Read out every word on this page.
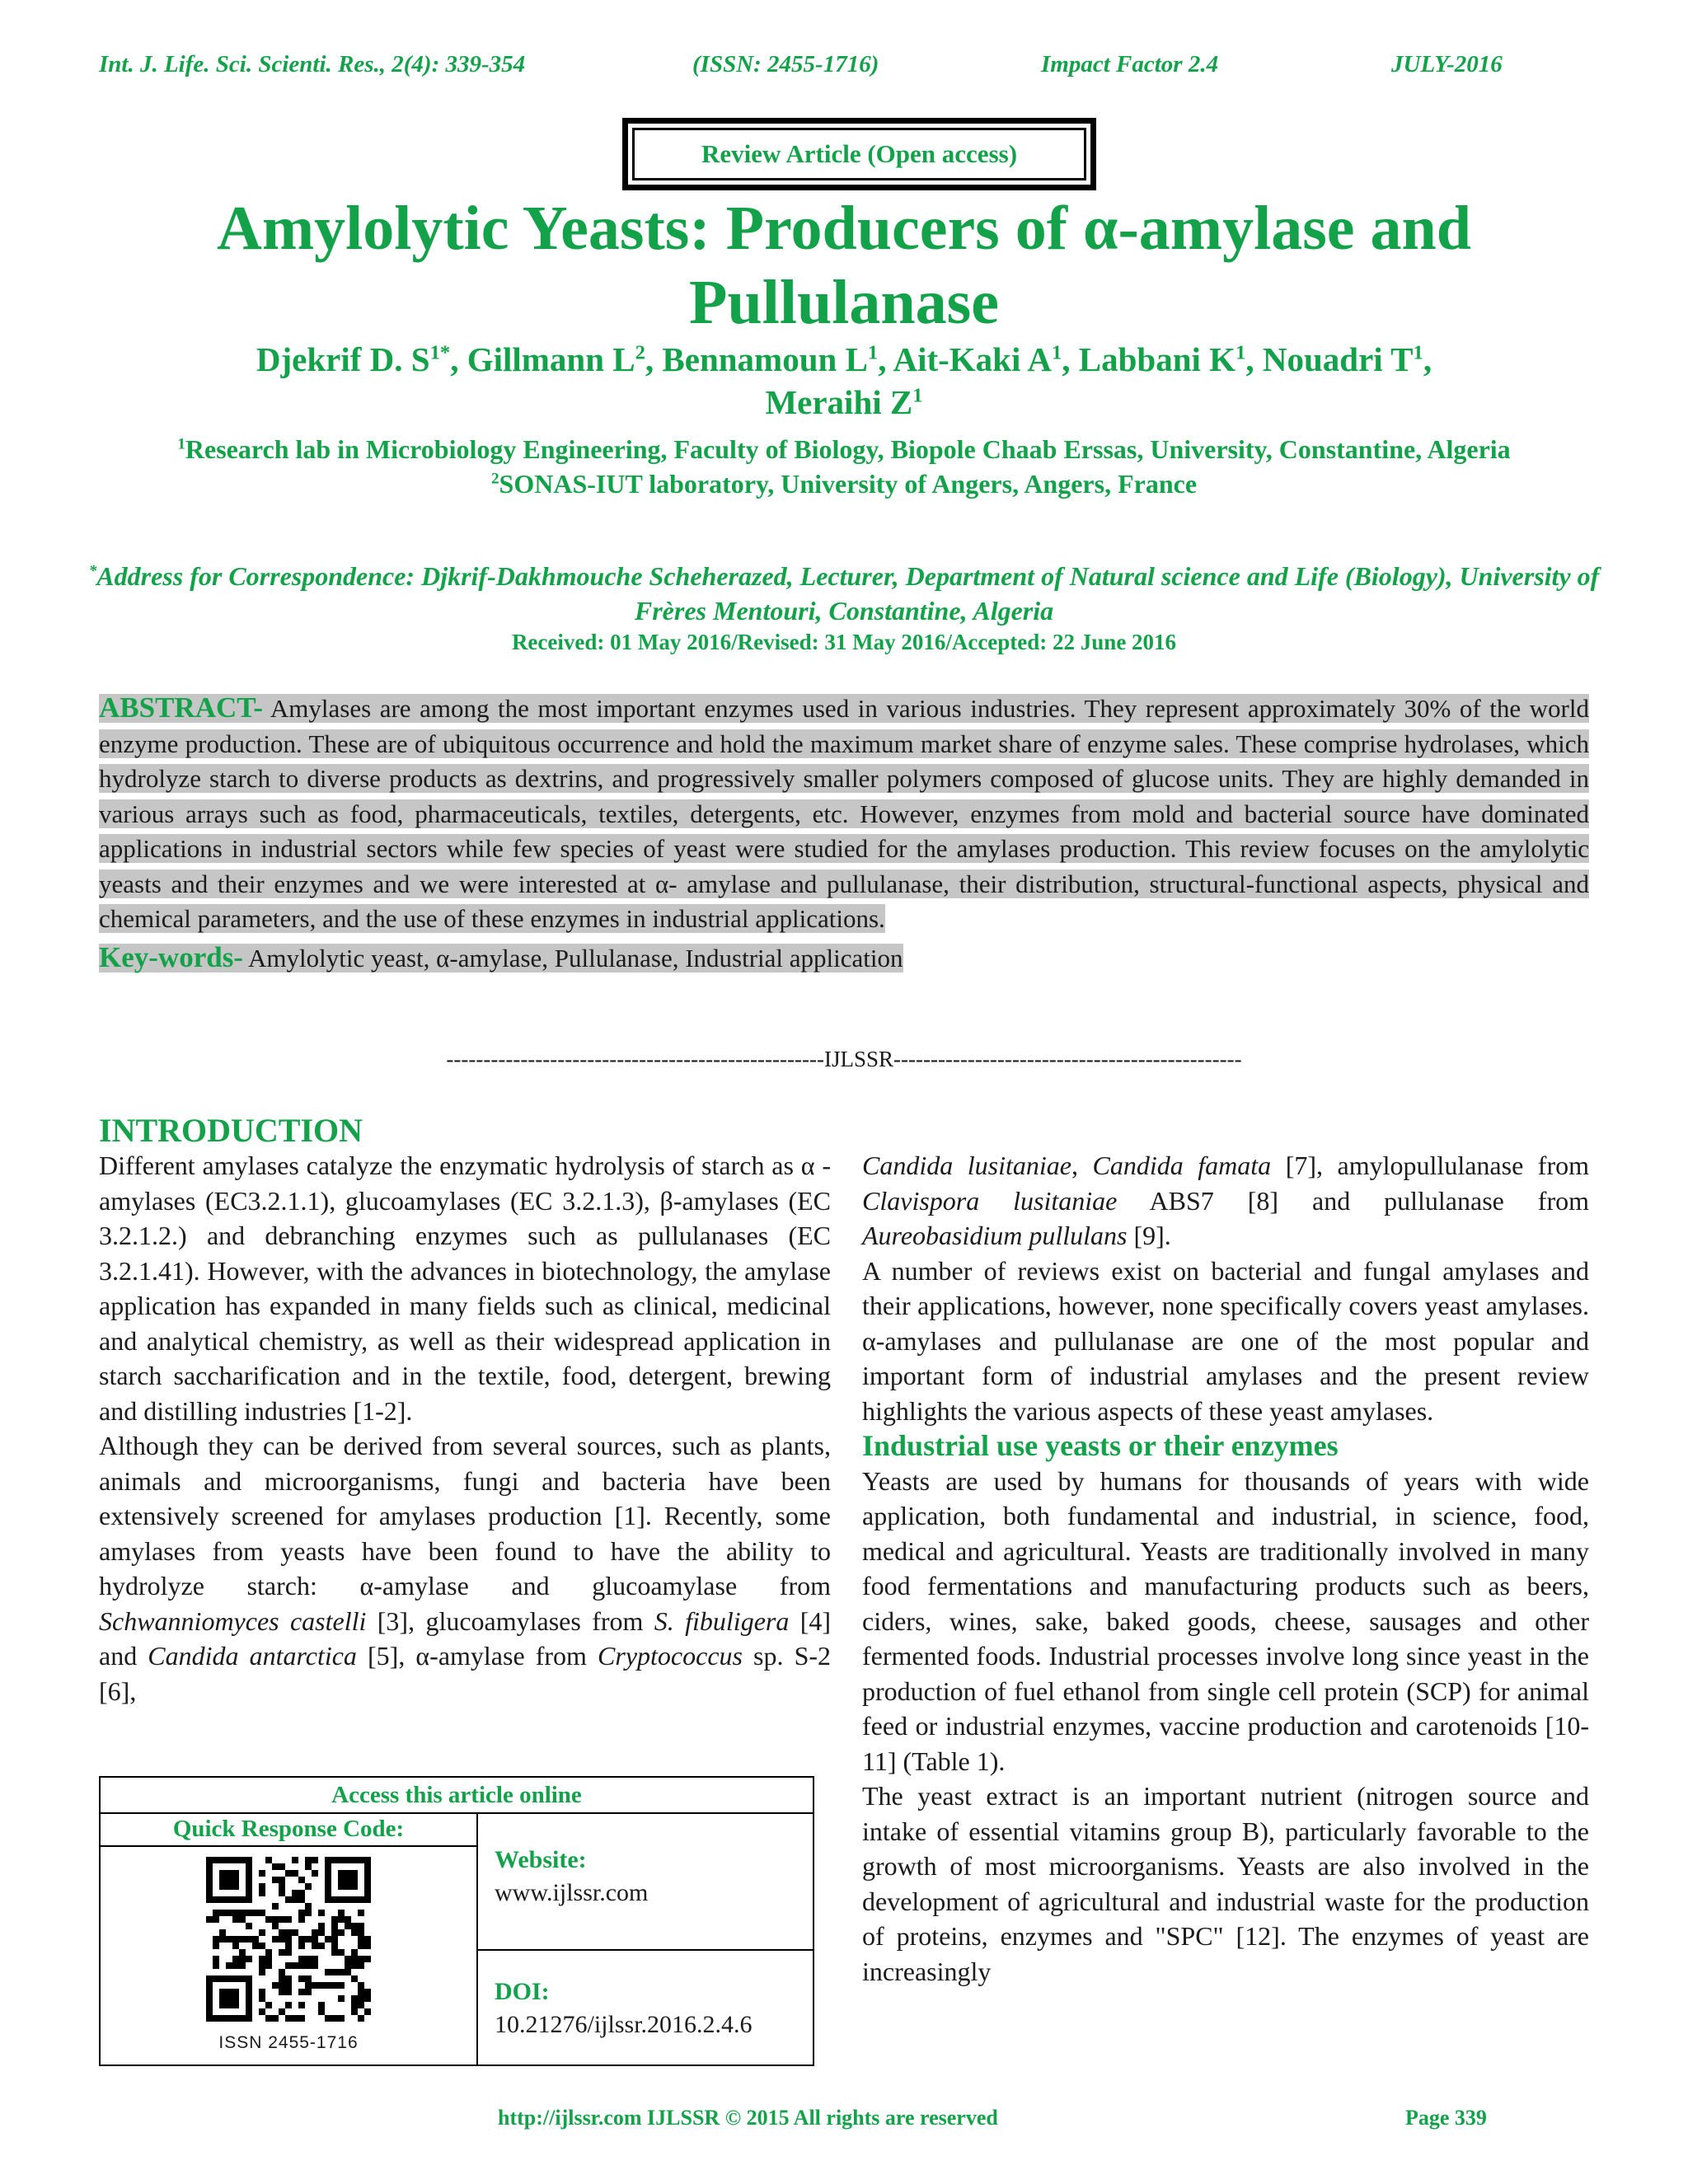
Int. J. Life. Sci. Scienti. Res., 2(4): 339-354	(ISSN: 2455-1716)	Impact Factor 2.4	JULY-2016
Review Article (Open access)
Amylolytic Yeasts: Producers of α-amylase and
Pullulanase
Djekrif D. $S^{1*}$, Gillmann $L^2$, Bennamoun $L^1$, Ait-Kaki $A^1$, Labbani $K^1$, Nouadri $T^1$,
Meraihi $Z^1$
$^1$Research lab in Microbiology Engineering, Faculty of Biology, Biopole Chaab Erssas, University, Constantine, Algeria
$^2$SONAS-IUT laboratory, University of Angers, Angers, France
*Address for Correspondence: Djkrif-Dakhmouche Scheherazed, Lecturer, Department of Natural science and Life (Biology), University of Frères Mentouri, Constantine, Algeria
Received: 01 May 2016/Revised: 31 May 2016/Accepted: 22 June 2016

ABSTRACT- Amylases are among the most important enzymes used in various industries. They represent approximately 30% of the world enzyme production. These are of ubiquitous occurrence and hold the maximum market share of enzyme sales. These comprise hydrolases, which hydrolyze starch to diverse products as dextrins, and progressively smaller polymers composed of glucose units. They are highly demanded in various arrays such as food, pharmaceuticals, textiles, detergents, etc. However, enzymes from mold and bacterial source have dominated applications in industrial sectors while few species of yeast were studied for the amylases production. This review focuses on the amylolytic yeasts and their enzymes and we were interested at α- amylase and pullulanase, their distribution, structural-functional aspects, physical and chemical parameters, and the use of these enzymes in industrial applications.

Key-words- Amylolytic yeast, α-amylase, Pullulanase, Industrial application

---------------------------------------------------IJLSSR-----------------------------------------------
INTRODUCTION

Different amylases catalyze the enzymatic hydrolysis of starch as α -amylases (EC3.2.1.1), glucoamylases (EC 3.2.1.3), β-amylases (EC 3.2.1.2.) and debranching enzymes such as pullulanases (EC 3.2.1.41). However, with the advances in biotechnology, the amylase application has expanded in many fields such as clinical, medicinal and analytical chemistry, as well as their widespread application in starch saccharification and in the textile, food, detergent, brewing and distilling industries [1-2].

Although they can be derived from several sources, such as plants, animals and microorganisms, fungi and bacteria have been extensively screened for amylases production [1]. Recently, some amylases from yeasts have been found to have the ability to hydrolyze starch: α-amylase and glucoamylase from Schwanniomyces castelli [3], glucoamylases from S. fibuligera [4] and Candida antarctica [5], α-amylase from Cryptococcus sp. S-2 [6],

Access this article online
Quick Response Code:
ISSN 2455-1716
Website:
www.ijlssr.com
DOI:
10.21276/ijlssr.2016.2.4.6

Candida lusitaniae, Candida famata [7], amylopullulanase from Clavispora lusitaniae ABS7 [8] and pullulanase from Aureobasidium pullulans [9].

A number of reviews exist on bacterial and fungal amylases and their applications, however, none specifically covers yeast amylases. α-amylases and pullulanase are one of the most popular and important form of industrial amylases and the present review highlights the various aspects of these yeast amylases.

Industrial use yeasts or their enzymes

Yeasts are used by humans for thousands of years with wide application, both fundamental and industrial, in science, food, medical and agricultural. Yeasts are traditionally involved in many food fermentations and manufacturing products such as beers, ciders, wines, sake, baked goods, cheese, sausages and other fermented foods. Industrial processes involve long since yeast in the production of fuel ethanol from single cell protein (SCP) for animal feed or industrial enzymes, vaccine production and carotenoids [10-11] (Table 1).

The yeast extract is an important nutrient (nitrogen source and intake of essential vitamins group B), particularly favorable to the growth of most microorganisms. Yeasts are also involved in the development of agricultural and industrial waste for the production of proteins, enzymes and "SPC" [12]. The enzymes of yeast are increasingly

http://ijlssr.com IJLSSR © 2015 All rights are reserved	Page 339
